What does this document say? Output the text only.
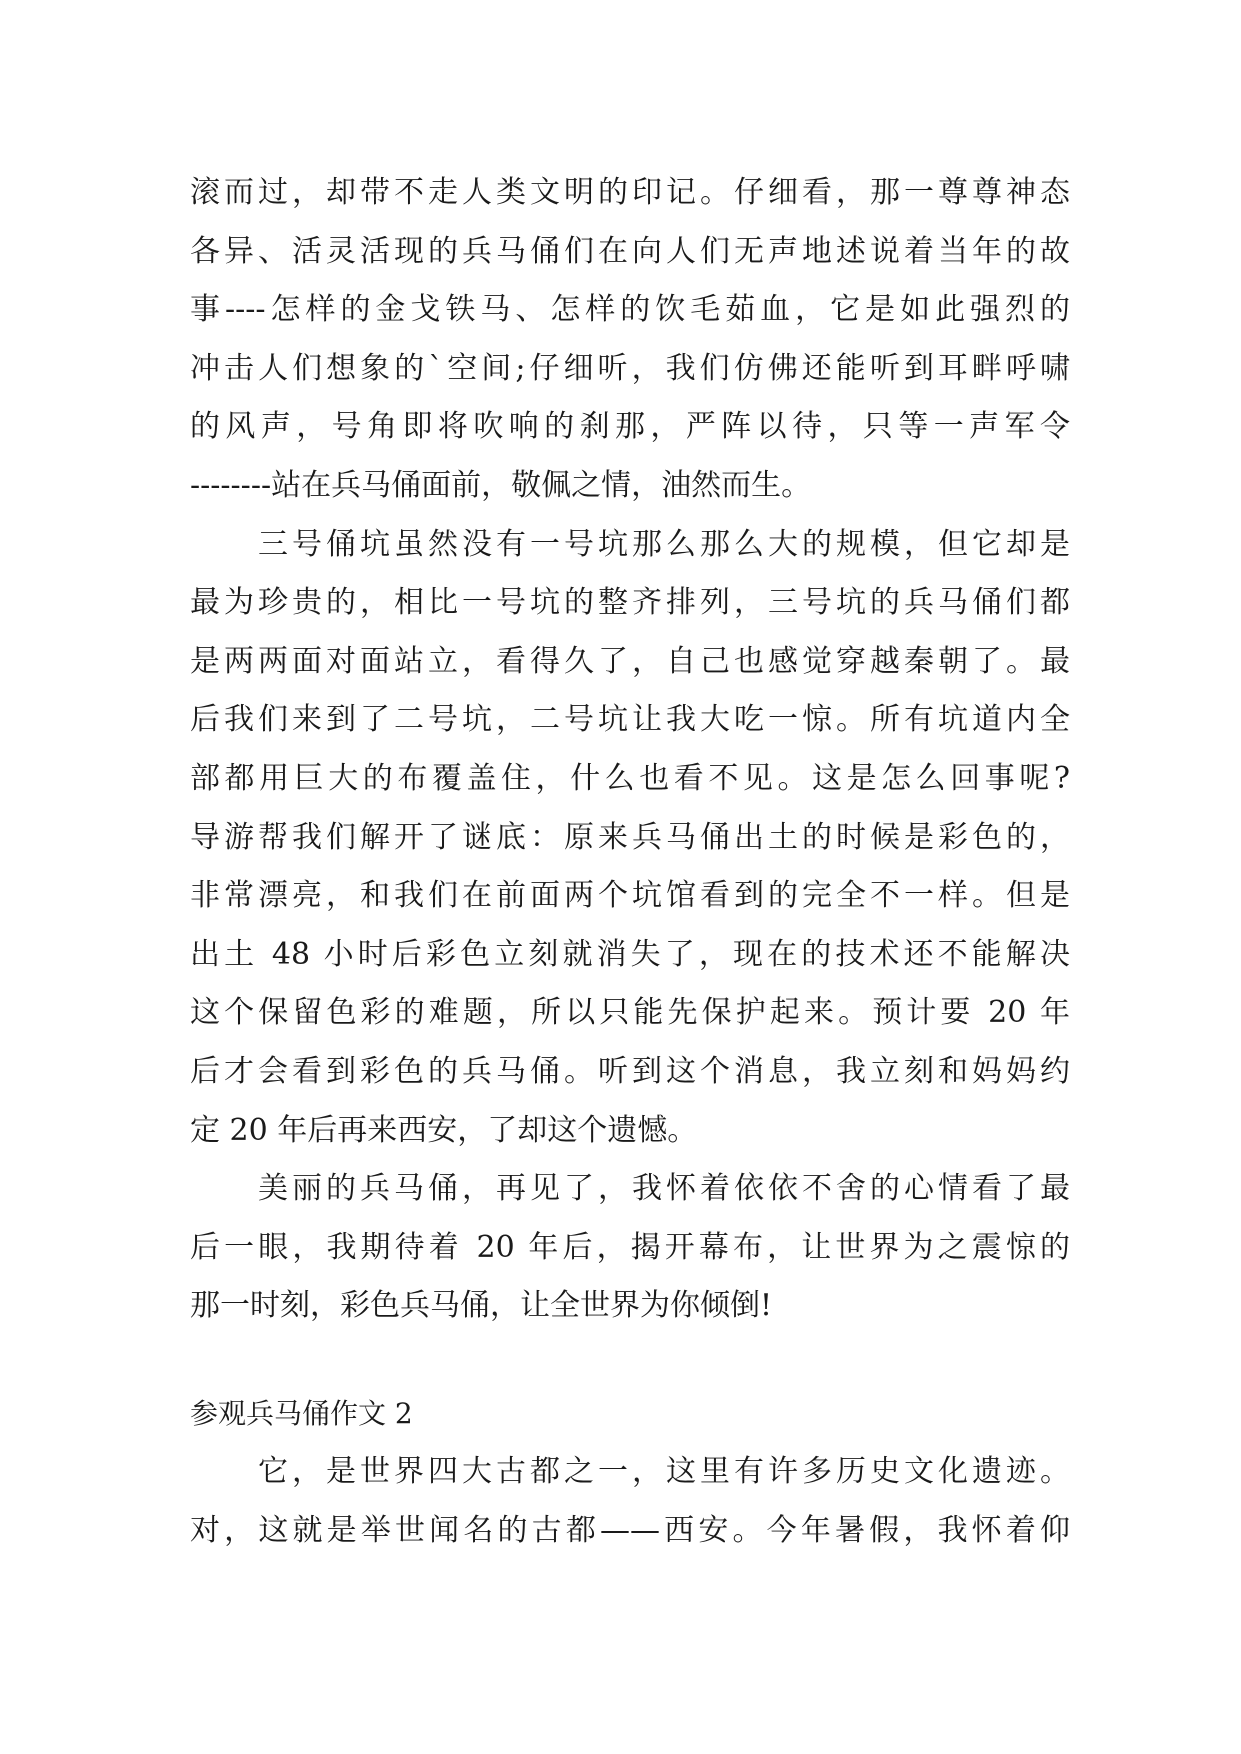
滚而过，却带不走人类文明的印记。仔细看，那一尊尊神态
各异、活灵活现的兵马俑们在向人们无声地述说着当年的故
事----怎样的金戈铁马、怎样的饮毛茹血，它是如此强烈的
冲击人们想象的`空间;仔细听，我们仿佛还能听到耳畔呼啸
的风声，号角即将吹响的刹那，严阵以待，只等一声军令
--------站在兵马俑面前，敬佩之情，油然而生。
三号俑坑虽然没有一号坑那么那么大的规模，但它却是
最为珍贵的，相比一号坑的整齐排列，三号坑的兵马俑们都
是两两面对面站立，看得久了，自己也感觉穿越秦朝了。最
后我们来到了二号坑，二号坑让我大吃一惊。所有坑道内全
部都用巨大的布覆盖住，什么也看不见。这是怎么回事呢?
导游帮我们解开了谜底：原来兵马俑出土的时候是彩色的，
非常漂亮，和我们在前面两个坑馆看到的完全不一样。但是
出土 48 小时后彩色立刻就消失了，现在的技术还不能解决
这个保留色彩的难题，所以只能先保护起来。预计要 20 年
后才会看到彩色的兵马俑。听到这个消息，我立刻和妈妈约
定 20 年后再来西安，了却这个遗憾。
美丽的兵马俑，再见了，我怀着依依不舍的心情看了最
后一眼，我期待着 20 年后，揭开幕布，让世界为之震惊的
那一时刻，彩色兵马俑，让全世界为你倾倒!
参观兵马俑作文 2
它，是世界四大古都之一，这里有许多历史文化遗迹。
对，这就是举世闻名的古都——西安。今年暑假，我怀着仰
